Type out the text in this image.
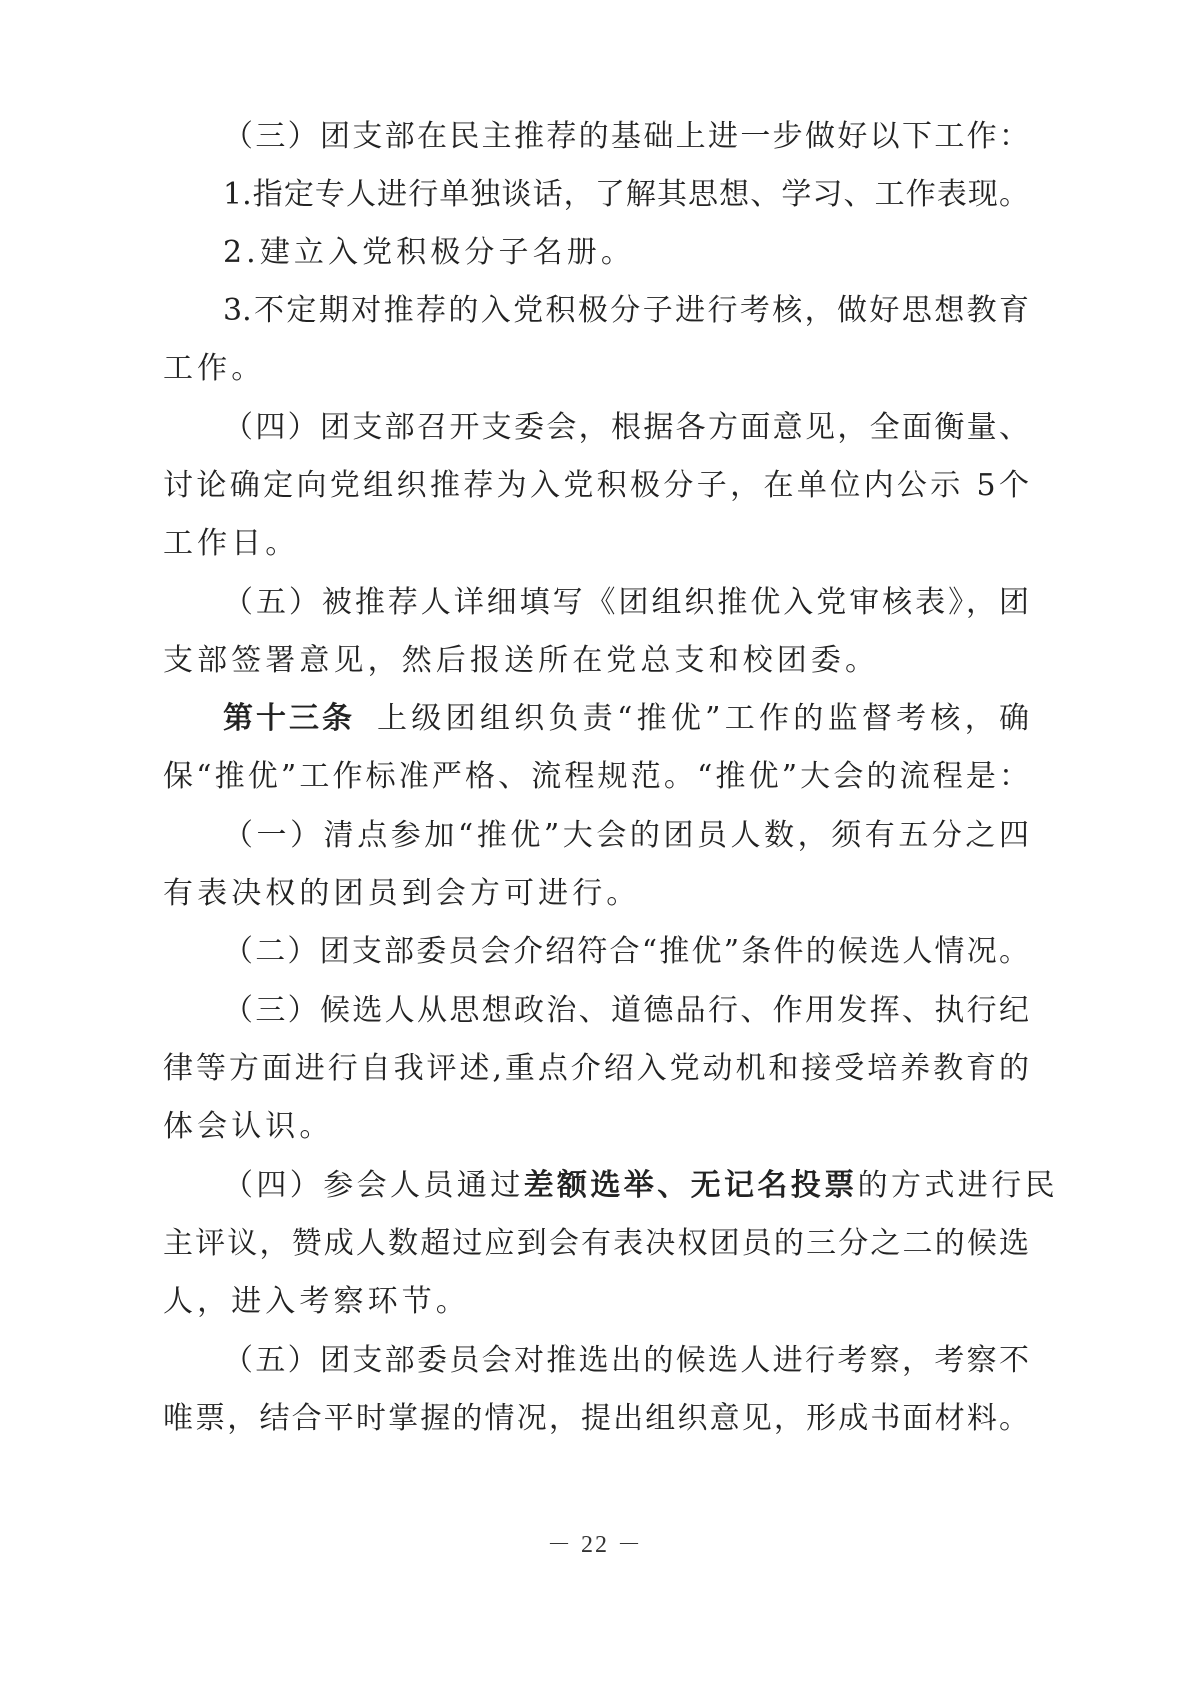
（三）团支部在民主推荐的基础上进一步做好以下工作：
1.指定专人进行单独谈话，了解其思想、学习、工作表现。
2.建立入党积极分子名册。
3.不定期对推荐的入党积极分子进行考核，做好思想教育
工作。
（四）团支部召开支委会，根据各方面意见，全面衡量、
讨论确定向党组织推荐为入党积极分子，在单位内公示 5个
工作日。
（五）被推荐人详细填写《团组织推优入党审核表》，团
支部签署意见，然后报送所在党总支和校团委。
第十三条 上级团组织负责“推优”工作的监督考核，确
保“推优”工作标准严格、流程规范。“推优”大会的流程是：
（一）清点参加“推优”大会的团员人数，须有五分之四
有表决权的团员到会方可进行。
（二）团支部委员会介绍符合“推优”条件的候选人情况。
（三）候选人从思想政治、道德品行、作用发挥、执行纪
律等方面进行自我评述,重点介绍入党动机和接受培养教育的
体会认识。
（四）参会人员通过差额选举、无记名投票的方式进行民
主评议，赞成人数超过应到会有表决权团员的三分之二的候选
人，进入考察环节。
（五）团支部委员会对推选出的候选人进行考察，考察不
唯票，结合平时掌握的情况，提出组织意见，形成书面材料。
－ 22 －
